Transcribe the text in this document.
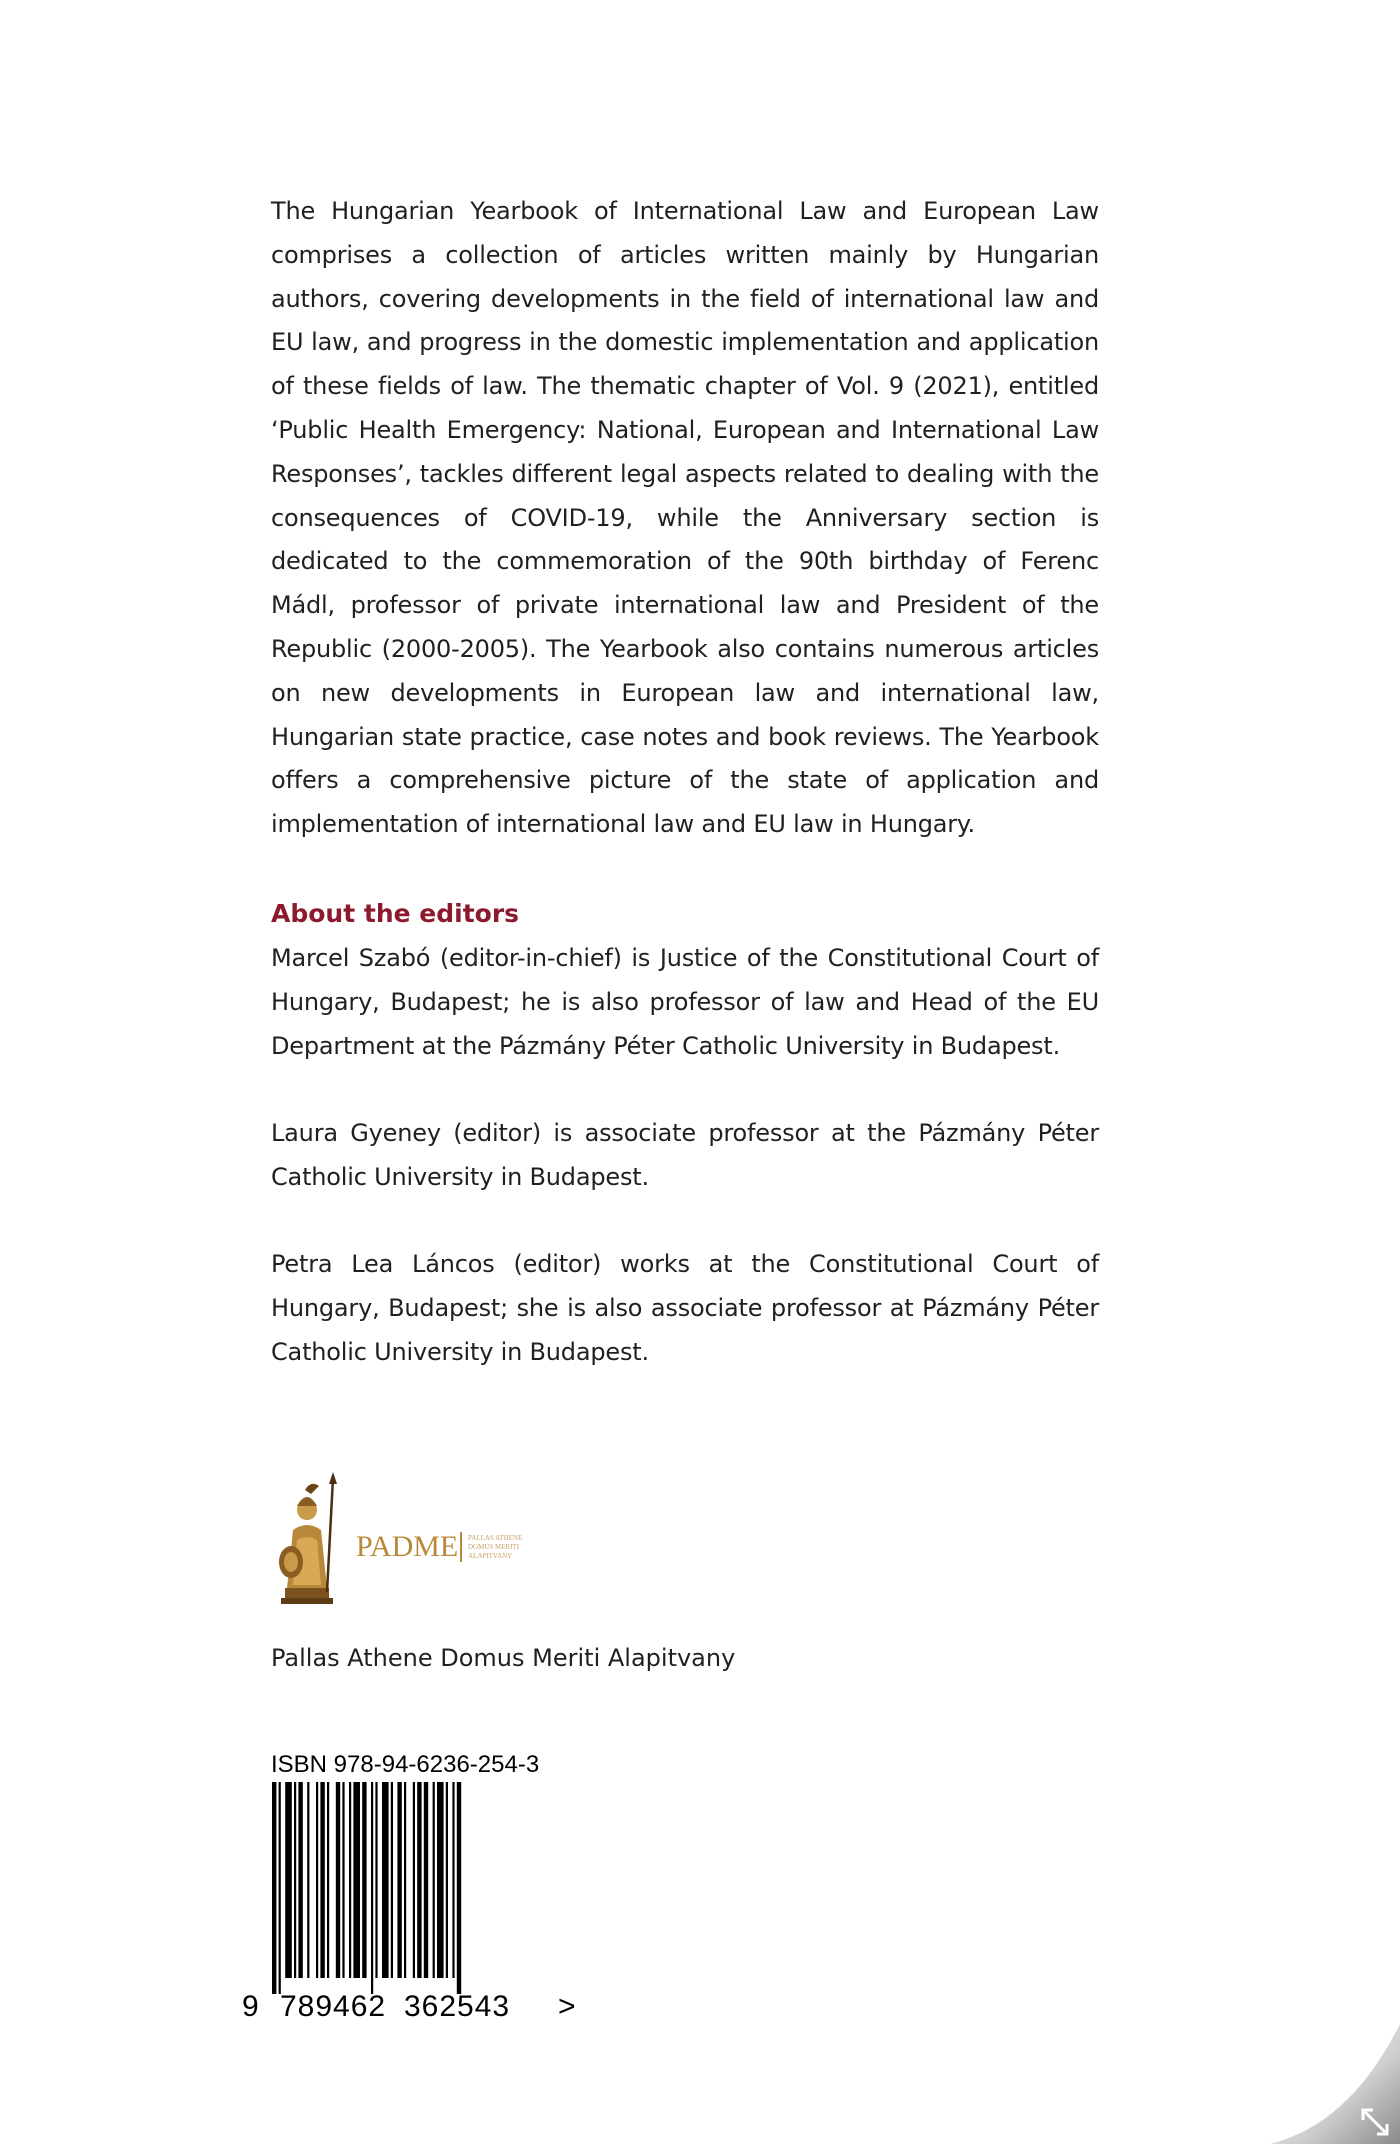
The Hungarian Yearbook of International Law and European Law comprises a collection of articles written mainly by Hungarian authors, covering developments in the field of international law and EU law, and progress in the domestic implementation and application of these fields of law. The thematic chapter of Vol. 9 (2021), entitled ‘Public Health Emergency: National, European and International Law Responses’, tackles different legal aspects related to dealing with the consequences of COVID-19, while the Anniversary section is dedicated to the commemoration of the 90th birthday of Ferenc Mádl, professor of private international law and President of the Republic (2000-2005). The Yearbook also contains numerous articles on new developments in European law and international law, Hungarian state practice, case notes and book reviews. The Yearbook offers a comprehensive picture of the state of application and implementation of international law and EU law in Hungary.

About the editors

Marcel Szabó (editor-in-chief) is Justice of the Constitutional Court of Hungary, Budapest; he is also professor of law and Head of the EU Department at the Pázmány Péter Catholic University in Budapest.

Laura Gyeney (editor) is associate professor at the Pázmány Péter Catholic University in Budapest.

Petra Lea Láncos (editor) works at the Constitutional Court of Hungary, Budapest; she is also associate professor at Pázmány Péter Catholic University in Budapest.

PADME PALLAS ATHENE
DOMUS MERITI
ALAPITVANY

Pallas Athene Domus Meriti Alapitvany

ISBN 978-94-6236-254-3

9 789462 362543 >
